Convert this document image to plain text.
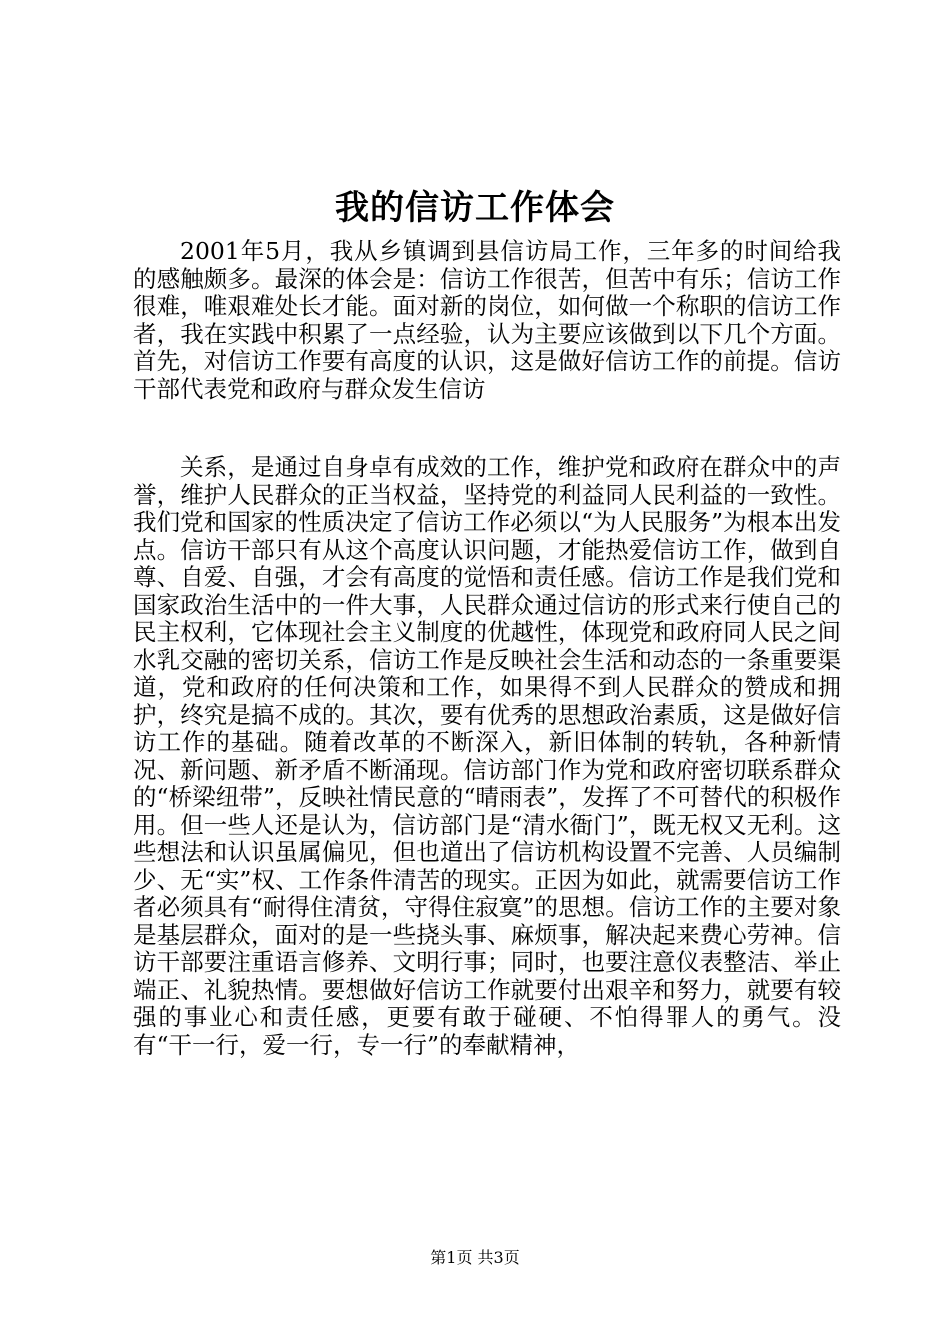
我的信访工作体会

2001年5月，我从乡镇调到县信访局工作，三年多的时间给我的感触颇多。最深的体会是：信访工作很苦，但苦中有乐；信访工作很难，唯艰难处长才能。面对新的岗位，如何做一个称职的信访工作者，我在实践中积累了一点经验，认为主要应该做到以下几个方面。首先，对信访工作要有高度的认识，这是做好信访工作的前提。信访干部代表党和政府与群众发生信访

关系，是通过自身卓有成效的工作，维护党和政府在群众中的声誉，维护人民群众的正当权益，坚持党的利益同人民利益的一致性。我们党和国家的性质决定了信访工作必须以“为人民服务”为根本出发点。信访干部只有从这个高度认识问题，才能热爱信访工作，做到自尊、自爱、自强，才会有高度的觉悟和责任感。信访工作是我们党和国家政治生活中的一件大事，人民群众通过信访的形式来行使自己的民主权利，它体现社会主义制度的优越性，体现党和政府同人民之间水乳交融的密切关系，信访工作是反映社会生活和动态的一条重要渠道，党和政府的任何决策和工作，如果得不到人民群众的赞成和拥护，终究是搞不成的。其次，要有优秀的思想政治素质，这是做好信访工作的基础。随着改革的不断深入，新旧体制的转轨，各种新情况、新问题、新矛盾不断涌现。信访部门作为党和政府密切联系群众的“桥梁纽带”，反映社情民意的“晴雨表”，发挥了不可替代的积极作用。但一些人还是认为，信访部门是“清水衙门”，既无权又无利。这些想法和认识虽属偏见，但也道出了信访机构设置不完善、人员编制少、无“实”权、工作条件清苦的现实。正因为如此，就需要信访工作者必须具有“耐得住清贫，守得住寂寞”的思想。信访工作的主要对象是基层群众，面对的是一些挠头事、麻烦事，解决起来费心劳神。信访干部要注重语言修养、文明行事；同时，也要注意仪表整洁、举止端正、礼貌热情。要想做好信访工作就要付出艰辛和努力，就要有较强的事业心和责任感，更要有敢于碰硬、不怕得罪人的勇气。没有“干一行，爱一行，专一行”的奉献精神，

第1页 共3页
